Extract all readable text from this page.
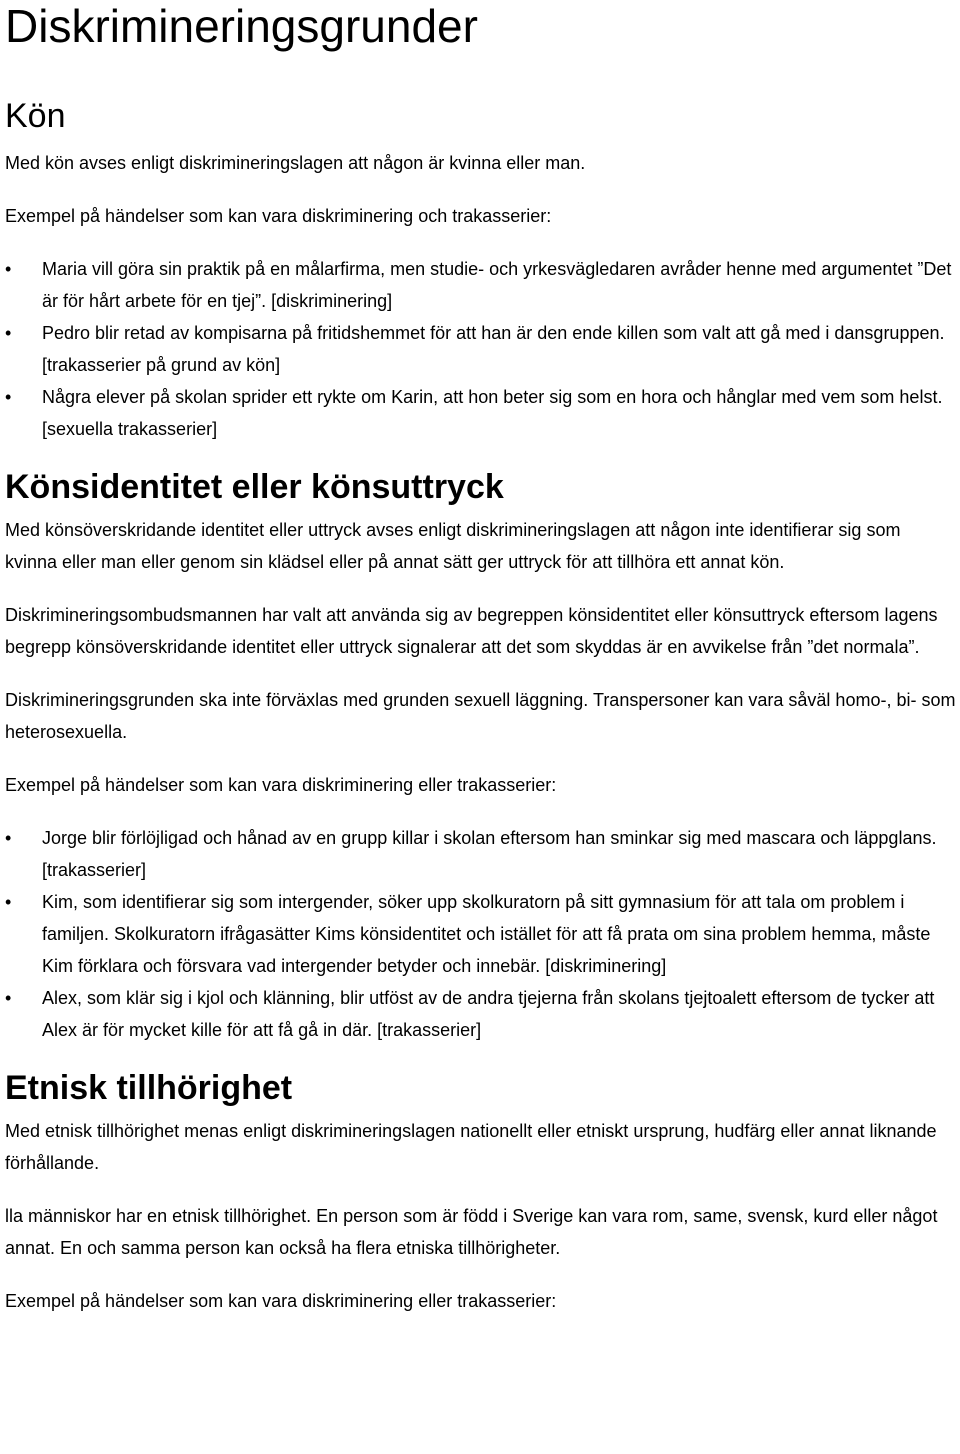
Diskrimineringsgrunder
Kön

Med kön avses enligt diskrimineringslagen att någon är kvinna eller man.

Exempel på händelser som kan vara diskriminering och trakasserier:

• Maria vill göra sin praktik på en målarfirma, men studie- och yrkesvägledaren avråder henne med argumentet ”Det är för hårt arbete för en tjej”. [diskriminering]
• Pedro blir retad av kompisarna på fritidshemmet för att han är den ende killen som valt att gå med i dansgruppen. [trakasserier på grund av kön]
• Några elever på skolan sprider ett rykte om Karin, att hon beter sig som en hora och hånglar med vem som helst. [sexuella trakasserier]
Könsidentitet eller könsuttryck

Med könsöverskridande identitet eller uttryck avses enligt diskrimineringslagen att någon inte identifierar sig som kvinna eller man eller genom sin klädsel eller på annat sätt ger uttryck för att tillhöra ett annat kön.

Diskrimineringsombudsmannen har valt att använda sig av begreppen könsidentitet eller könsuttryck eftersom lagens begrepp könsöverskridande identitet eller uttryck signalerar att det som skyddas är en avvikelse från ”det normala”.

Diskrimineringsgrunden ska inte förväxlas med grunden sexuell läggning. Transpersoner kan vara såväl homo-, bi- som heterosexuella.

Exempel på händelser som kan vara diskriminering eller trakasserier:

• Jorge blir förlöjligad och hånad av en grupp killar i skolan eftersom han sminkar sig med mascara och läppglans. [trakasserier]
• Kim, som identifierar sig som intergender, söker upp skolkuratorn på sitt gymnasium för att tala om problem i familjen. Skolkuratorn ifrågasätter Kims könsidentitet och istället för att få prata om sina problem hemma, måste Kim förklara och försvara vad intergender betyder och innebär. [diskriminering]
• Alex, som klär sig i kjol och klänning, blir utföst av de andra tjejerna från skolans tjejtoalett eftersom de tycker att Alex är för mycket kille för att få gå in där. [trakasserier]
Etnisk tillhörighet

Med etnisk tillhörighet menas enligt diskrimineringslagen nationellt eller etniskt ursprung, hudfärg eller annat liknande förhållande.

lla människor har en etnisk tillhörighet. En person som är född i Sverige kan vara rom, same, svensk, kurd eller något annat. En och samma person kan också ha flera etniska tillhörigheter.

Exempel på händelser som kan vara diskriminering eller trakasserier:
